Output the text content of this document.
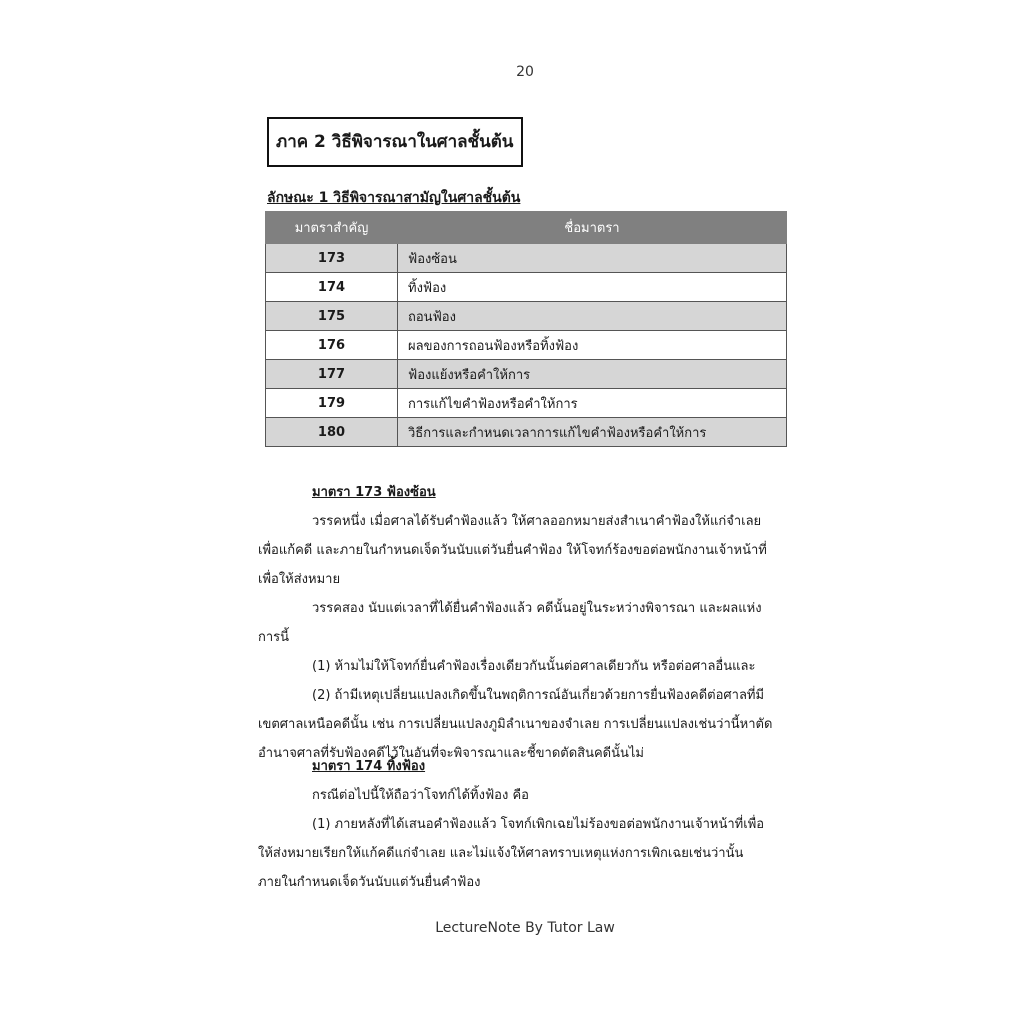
20
ภาค 2 วิธีพิจารณาในศาลชั้นต้น
ลักษณะ 1 วิธีพิจารณาสามัญในศาลชั้นต้น
มาตราสำคัญ	ชื่อมาตรา
173	ฟ้องซ้อน
174	ทิ้งฟ้อง
175	ถอนฟ้อง
176	ผลของการถอนฟ้องหรือทิ้งฟ้อง
177	ฟ้องแย้งหรือคำให้การ
179	การแก้ไขคำฟ้องหรือคำให้การ
180	วิธีการและกำหนดเวลาการแก้ไขคำฟ้องหรือคำให้การ

มาตรา 173 ฟ้องซ้อน

วรรคหนึ่ง เมื่อศาลได้รับคำฟ้องแล้ว ให้ศาลออกหมายส่งสำเนาคำฟ้องให้แก่จำเลยเพื่อแก้คดี และภายในกำหนดเจ็ดวันนับแต่วันยื่นคำฟ้อง ให้โจทก์ร้องขอต่อพนักงานเจ้าหน้าที่เพื่อให้ส่งหมาย

วรรคสอง นับแต่เวลาที่ได้ยื่นคำฟ้องแล้ว คดีนั้นอยู่ในระหว่างพิจารณา และผลแห่งการนี้

(1) ห้ามไม่ให้โจทก์ยื่นคำฟ้องเรื่องเดียวกันนั้นต่อศาลเดียวกัน หรือต่อศาลอื่นและ

(2) ถ้ามีเหตุเปลี่ยนแปลงเกิดขึ้นในพฤติการณ์อันเกี่ยวด้วยการยื่นฟ้องคดีต่อศาลที่มีเขตศาลเหนือคดีนั้น เช่น การเปลี่ยนแปลงภูมิลำเนาของจำเลย การเปลี่ยนแปลงเช่นว่านี้หาตัดอำนาจศาลที่รับฟ้องคดีไว้ในอันที่จะพิจารณาและชี้ขาดตัดสินคดีนั้นไม่

มาตรา 174 ทิ้งฟ้อง

กรณีต่อไปนี้ให้ถือว่าโจทก์ได้ทิ้งฟ้อง คือ

(1) ภายหลังที่ได้เสนอคำฟ้องแล้ว โจทก์เพิกเฉยไม่ร้องขอต่อพนักงานเจ้าหน้าที่เพื่อให้ส่งหมายเรียกให้แก้คดีแก่จำเลย และไม่แจ้งให้ศาลทราบเหตุแห่งการเพิกเฉยเช่นว่านั้นภายในกำหนดเจ็ดวันนับแต่วันยื่นคำฟ้อง

LectureNote By Tutor Law
